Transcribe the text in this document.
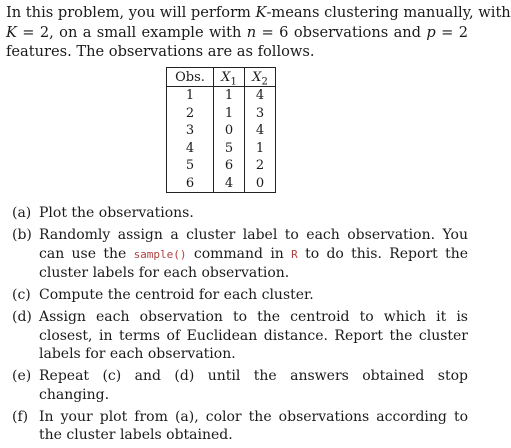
In this problem, you will perform K-means clustering manually, with
K = 2, on a small example with n = 6 observations and p = 2
features. The observations are as follows.
Obs.	$X_1$	$X_2$
1	1	4
2	1	3
3	0	4
4	5	1
5	6	2
6	4	0
(a) Plot the observations.
(b) Randomly assign a cluster label to each observation. You can use the sample() command in R to do this. Report the cluster labels for each observation.
(c) Compute the centroid for each cluster.
(d) Assign each observation to the centroid to which it is closest, in terms of Euclidean distance. Report the cluster labels for each observation.
(e) Repeat (c) and (d) until the answers obtained stop changing.
(f) In your plot from (a), color the observations according to the cluster labels obtained.
